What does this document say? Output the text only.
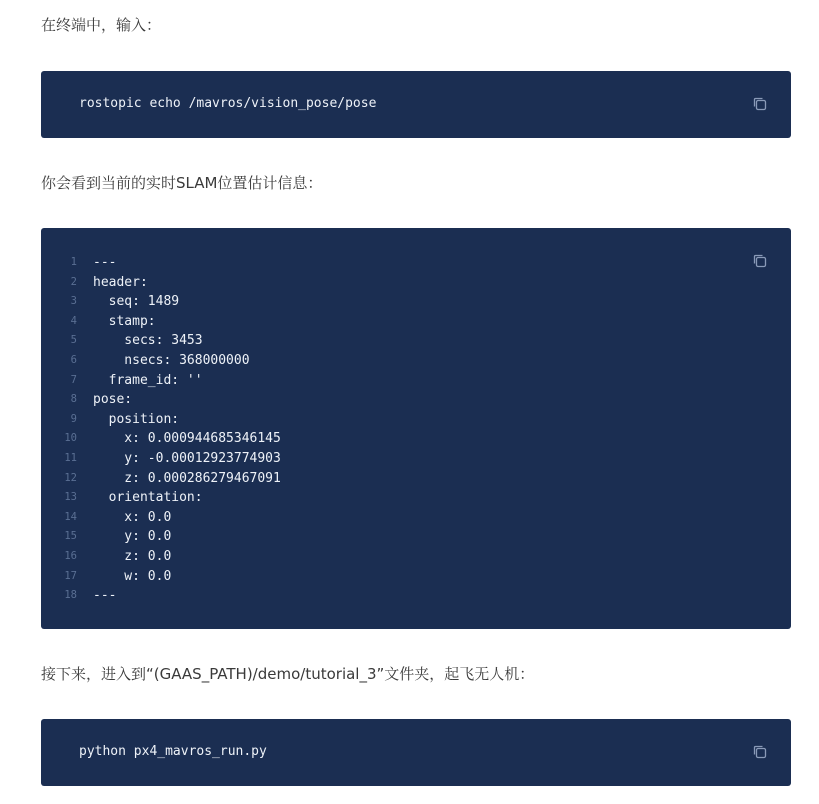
在终端中，输入：
rostopic echo /mavros/vision_pose/pose
你会看到当前的实时SLAM位置估计信息：
1 ---
2 header:
3 seq: 1489
4 stamp:
5 secs: 3453
6 nsecs: 368000000
7 frame_id: ''
8 pose:
9 position:
10 x: 0.000944685346145
11 y: -0.00012923774903
12 z: 0.000286279467091
13 orientation:
14 x: 0.0
15 y: 0.0
16 z: 0.0
17 w: 0.0
18 ---
接下来，进入到“(GAAS_PATH)/demo/tutorial_3”文件夹，起飞无人机：
python px4_mavros_run.py
